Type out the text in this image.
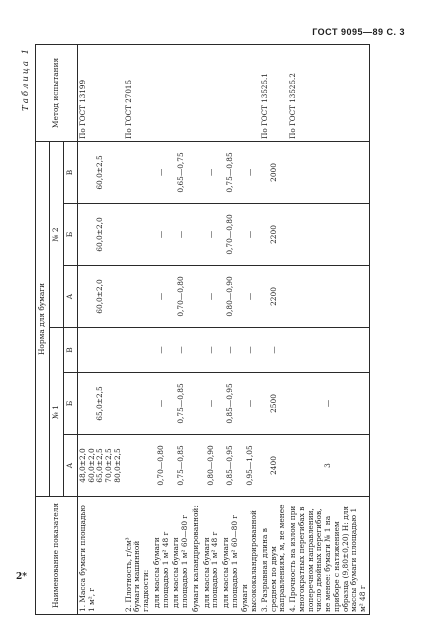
ГОСТ 9095—89 С. 3
2*
Таблица 1
Наименование показателя	Норма для бумаги						Метод испытания
	№ 1			№ 2			
	А	Б	В	А	Б	В	
1. Масса бумаги площадью 1 м², г	48,0±2,0
60,0±2,0
65,0±2,5
70,0±2,5
80,0±2,5	65,0±2,5		60,0±2,0	60,0±2,0	60,0±2,5	По ГОСТ 13199
2. Плотность, г/см³
бумаги машинной гладкости:							По ГОСТ 27015
для массы бумаги площадью 1 м² 48 г	0,70—0,80	—	—	—	—	—	
для массы бумаги площадью 1 м² 60—80 г	0,75—0,85	0,75—0,85	—	0,70—0,80	—	0,65—0,75	
бумаги каландрированной:							
для массы бумаги площадью 1 м² 48 г	0,80—0,90	—	—	—	—	—	
для массы бумаги площадью 1 м² 60—80 г	0,85—0,95	0,85—0,95	—	0,80—0,90	0,70—0,80	0,75—0,85	
бумаги высококаландрированной	0,95—1,05	—	—	—	—	—	
3. Разрывная длина в среднем по двум направлениям, м, не менее	2400	2500	—	2200	2200	2000	По ГОСТ 13525.1
4. Прочность на излом при многократных перегибах в поперечном направлении, число двойных перегибов, не менее: бумаги № 1 на приборе с натяжением образца (9,80±0,20) Н: для массы бумаги площадью 1 м² 48 г	3	—					По ГОСТ 13525.2
